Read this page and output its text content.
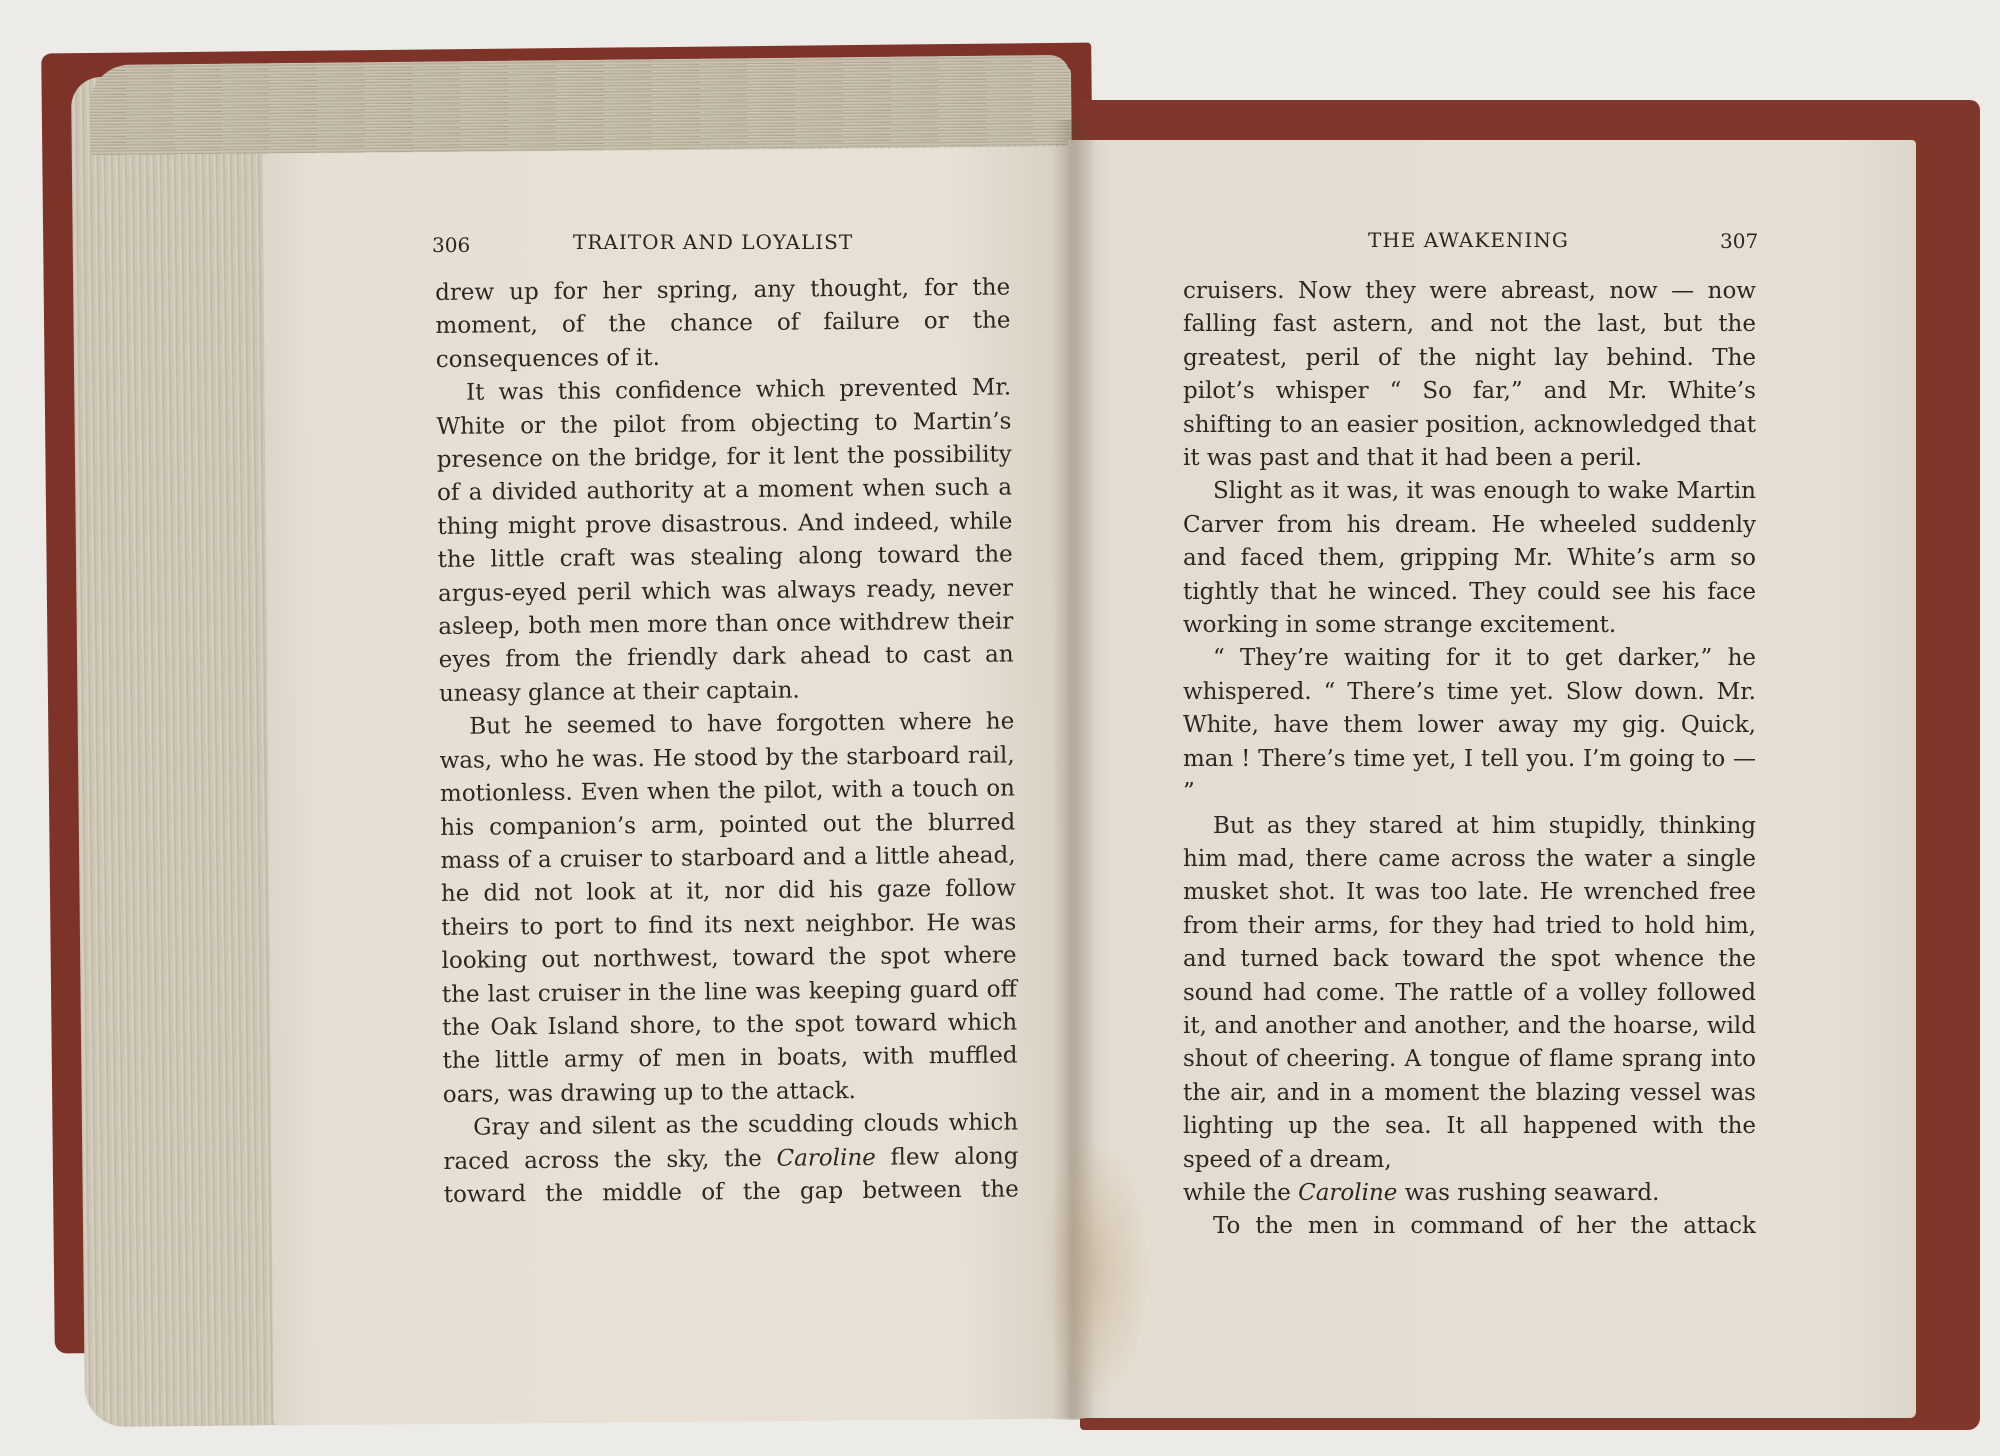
306	TRAITOR AND LOYALIST	THE AWAKENING	307

drew up for her spring, any thought, for the moment, of the chance of failure or the consequences of it.

It was this confidence which prevented Mr. White or the pilot from objecting to Martin’s presence on the bridge, for it lent the possibility of a divided authority at a moment when such a thing might prove disastrous. And indeed, while the little craft was stealing along toward the argus-eyed peril which was always ready, never asleep, both men more than once withdrew their eyes from the friendly dark ahead to cast an uneasy glance at their captain.

But he seemed to have forgotten where he was, who he was. He stood by the starboard rail, motionless. Even when the pilot, with a touch on his companion’s arm, pointed out the blurred mass of a cruiser to starboard and a little ahead, he did not look at it, nor did his gaze follow theirs to port to find its next neighbor. He was looking out northwest, toward the spot where the last cruiser in the line was keeping guard off the Oak Island shore, to the spot toward which the little army of men in boats, with muffled oars, was drawing up to the attack.

Gray and silent as the scudding clouds which raced across the sky, the Caroline flew along toward the middle of the gap between the

cruisers. Now they were abreast, now — now falling fast astern, and not the last, but the greatest, peril of the night lay behind. The pilot’s whisper “ So far,” and Mr. White’s shifting to an easier position, acknowledged that it was past and that it had been a peril.

Slight as it was, it was enough to wake Martin Carver from his dream. He wheeled suddenly and faced them, gripping Mr. White’s arm so tightly that he winced. They could see his face working in some strange excitement.

“ They’re waiting for it to get darker,” he whispered. “ There’s time yet. Slow down. Mr. White, have them lower away my gig. Quick, man ! There’s time yet, I tell you. I’m going to — ”

But as they stared at him stupidly, thinking him mad, there came across the water a single musket shot. It was too late. He wrenched free from their arms, for they had tried to hold him, and turned back toward the spot whence the sound had come. The rattle of a volley followed it, and another and another, and the hoarse, wild shout of cheering. A tongue of flame sprang into the air, and in a moment the blazing vessel was lighting up the sea. It all happened with the speed of a dream,

while the Caroline was rushing seaward.

To the men in command of her the attack
